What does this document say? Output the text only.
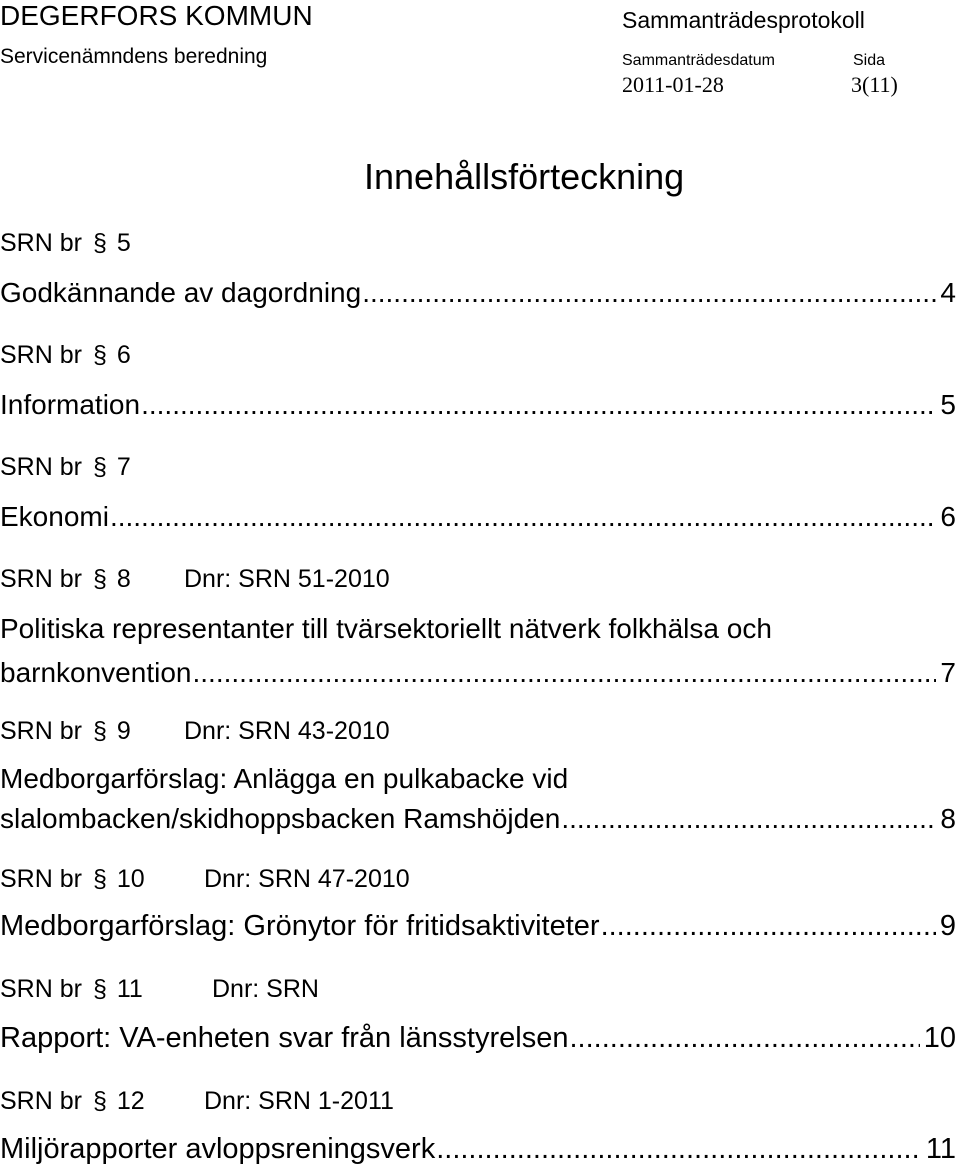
DEGERFORS KOMMUN
Servicenämndens beredning
Sammanträdesprotokoll
Sammanträdesdatum	Sida
2011-01-28	3(11)
Innehållsförteckning
SRN br § 5
Godkännande av dagordning .....	4
SRN br § 6
Information .....	5
SRN br § 7
Ekonomi .....	6
SRN br § 8 Dnr: SRN 51-2010
Politiska representanter till tvärsektoriellt nätverk folkhälsa och
barnkonvention .....	7
SRN br § 9 Dnr: SRN 43-2010
Medborgarförslag: Anlägga en pulkabacke vid
slalombacken/skidhoppsbacken Ramshöjden .....	8
SRN br § 10 Dnr: SRN 47-2010
Medborgarförslag: Grönytor för fritidsaktiviteter .....	9
SRN br § 11	Dnr: SRN
Rapport: VA-enheten svar från länsstyrelsen .....	10
SRN br § 12 Dnr: SRN 1-2011
Miljörapporter avloppsreningsverk .....	11
